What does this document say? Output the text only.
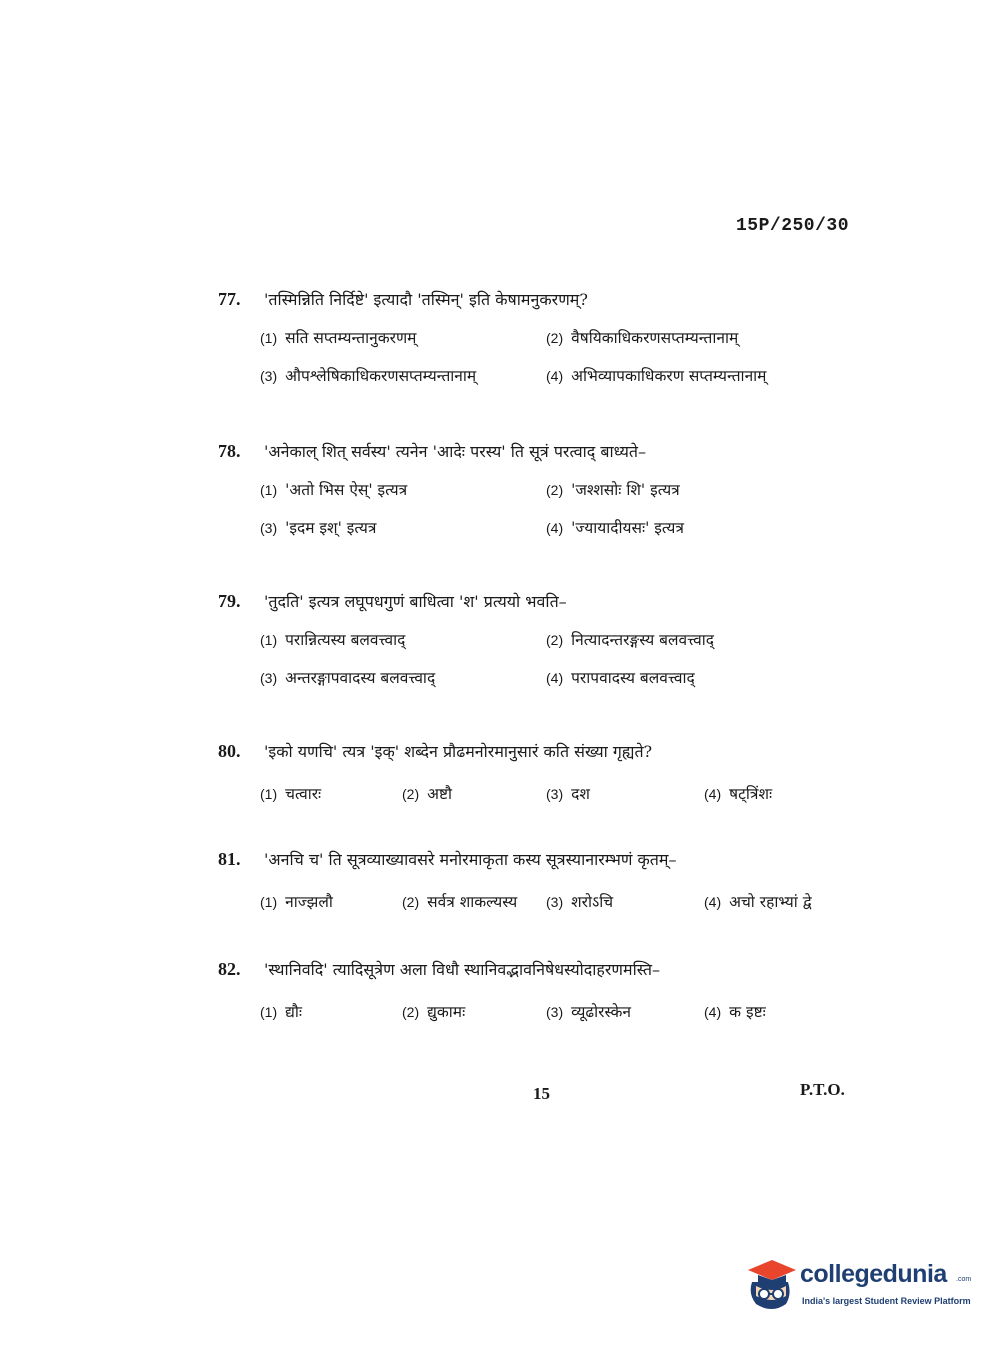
15P/250/30
77.	'तस्मिन्निति निर्दिष्टे' इत्यादौ 'तस्मिन्' इति केषामनुकरणम्?
(1) सति सप्तम्यन्तानुकरणम्	(2) वैषयिकाधिकरणसप्तम्यन्तानाम्
(3) औपश्लेषिकाधिकरणसप्तम्यन्तानाम्	(4) अभिव्यापकाधिकरण सप्तम्यन्तानाम्
78.	'अनेकाल् शित् सर्वस्य' त्यनेन 'आदेः परस्य' ति सूत्रं परत्वाद् बाध्यते–
(1) 'अतो भिस ऐस्' इत्यत्र	(2) 'जश्शसोः शि' इत्यत्र
(3) 'इदम इश्' इत्यत्र	(4) 'ज्यायादीयसः' इत्यत्र
79.	'तुदति' इत्यत्र लघूपधगुणं बाधित्वा 'श' प्रत्ययो भवति–
(1) परान्नित्यस्य बलवत्त्वाद्	(2) नित्यादन्तरङ्गस्य बलवत्त्वाद्
(3) अन्तरङ्गापवादस्य बलवत्त्वाद्	(4) परापवादस्य बलवत्त्वाद्
80.	'इको यणचि' त्यत्र 'इक्' शब्देन प्रौढमनोरमानुसारं कति संख्या गृह्यते?
(1) चत्वारः	(2) अष्टौ	(3) दश	(4) षट्त्रिंशः
81.	'अनचि च' ति सूत्रव्याख्यावसरे मनोरमाकृता कस्य सूत्रस्यानारम्भणं कृतम्–
(1) नाज्झलौ	(2) सर्वत्र शाकल्यस्य (3) शरोऽचि	(4) अचो रहाभ्यां द्वे
82.	'स्थानिवदि' त्यादिसूत्रेण अला विधौ स्थानिवद्भावनिषेधस्योदाहरणमस्ति–
(1) द्यौः	(2) द्युकामः	(3) व्यूढोरस्केन	(4) क इष्टः
15	P.T.O.
collegedunia .com
India's largest Student Review Platform
